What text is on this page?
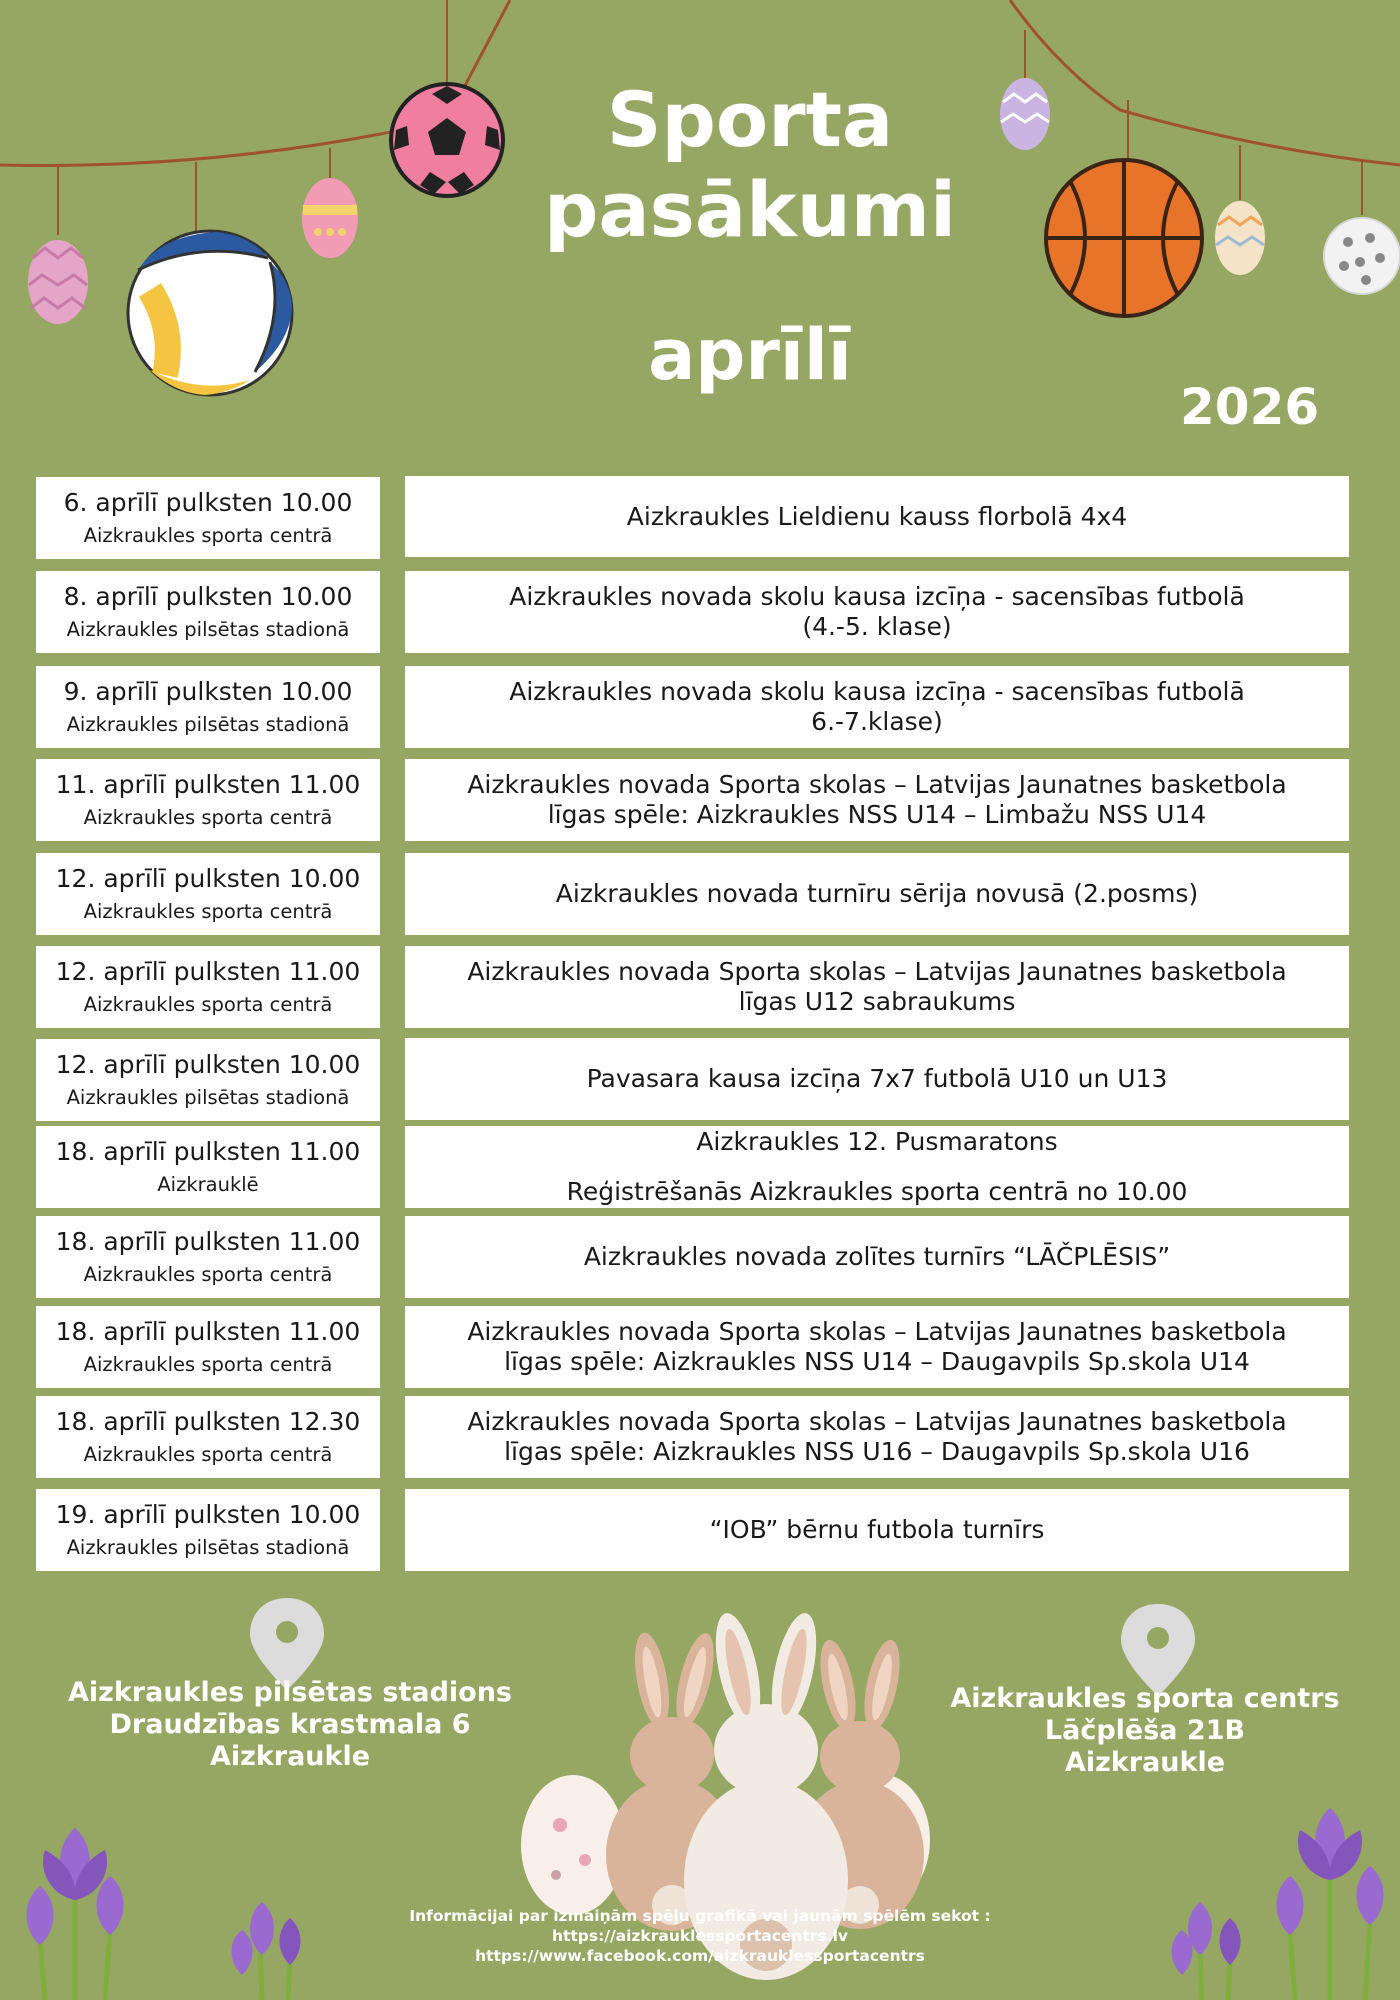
Sporta
pasākumi
aprīlī
2026
6. aprīlī pulksten 10.00
Aizkraukles sporta centrā
Aizkraukles Lieldienu kauss florbolā 4x4
8. aprīlī pulksten 10.00
Aizkraukles pilsētas stadionā
Aizkraukles novada skolu kausa izcīņa - sacensības futbolā
(4.-5. klase)
9. aprīlī pulksten 10.00
Aizkraukles pilsētas stadionā
Aizkraukles novada skolu kausa izcīņa - sacensības futbolā
6.-7.klase)
11. aprīlī pulksten 11.00
Aizkraukles sporta centrā
Aizkraukles novada Sporta skolas – Latvijas Jaunatnes basketbola
līgas spēle: Aizkraukles NSS U14 – Limbažu NSS U14
12. aprīlī pulksten 10.00
Aizkraukles sporta centrā
Aizkraukles novada turnīru sērija novusā (2.posms)
12. aprīlī pulksten 11.00
Aizkraukles sporta centrā
Aizkraukles novada Sporta skolas – Latvijas Jaunatnes basketbola
līgas U12 sabraukums
12. aprīlī pulksten 10.00
Aizkraukles pilsētas stadionā
Pavasara kausa izcīņa 7x7 futbolā U10 un U13
18. aprīlī pulksten 11.00
Aizkrauklē
Aizkraukles 12. Pusmaratons
Reģistrēšanās Aizkraukles sporta centrā no 10.00
18. aprīlī pulksten 11.00
Aizkraukles sporta centrā
Aizkraukles novada zolītes turnīrs “LĀČPLĒSIS”
18. aprīlī pulksten 11.00
Aizkraukles sporta centrā
Aizkraukles novada Sporta skolas – Latvijas Jaunatnes basketbola
līgas spēle: Aizkraukles NSS U14 – Daugavpils Sp.skola U14
18. aprīlī pulksten 12.30
Aizkraukles sporta centrā
Aizkraukles novada Sporta skolas – Latvijas Jaunatnes basketbola
līgas spēle: Aizkraukles NSS U16 – Daugavpils Sp.skola U16
19. aprīlī pulksten 10.00
Aizkraukles pilsētas stadionā
“IOB” bērnu futbola turnīrs
Aizkraukles pilsētas stadions
Draudzības krastmala 6
Aizkraukle
Aizkraukles sporta centrs
Lāčplēša 21B
Aizkraukle
Informācijai par izmaiņām spēļu grafikā vai jaunām spēlēm sekot :
https://aizkrauklessportacentrs.lv
https://www.facebook.com/aizkrauklessportacentrs
